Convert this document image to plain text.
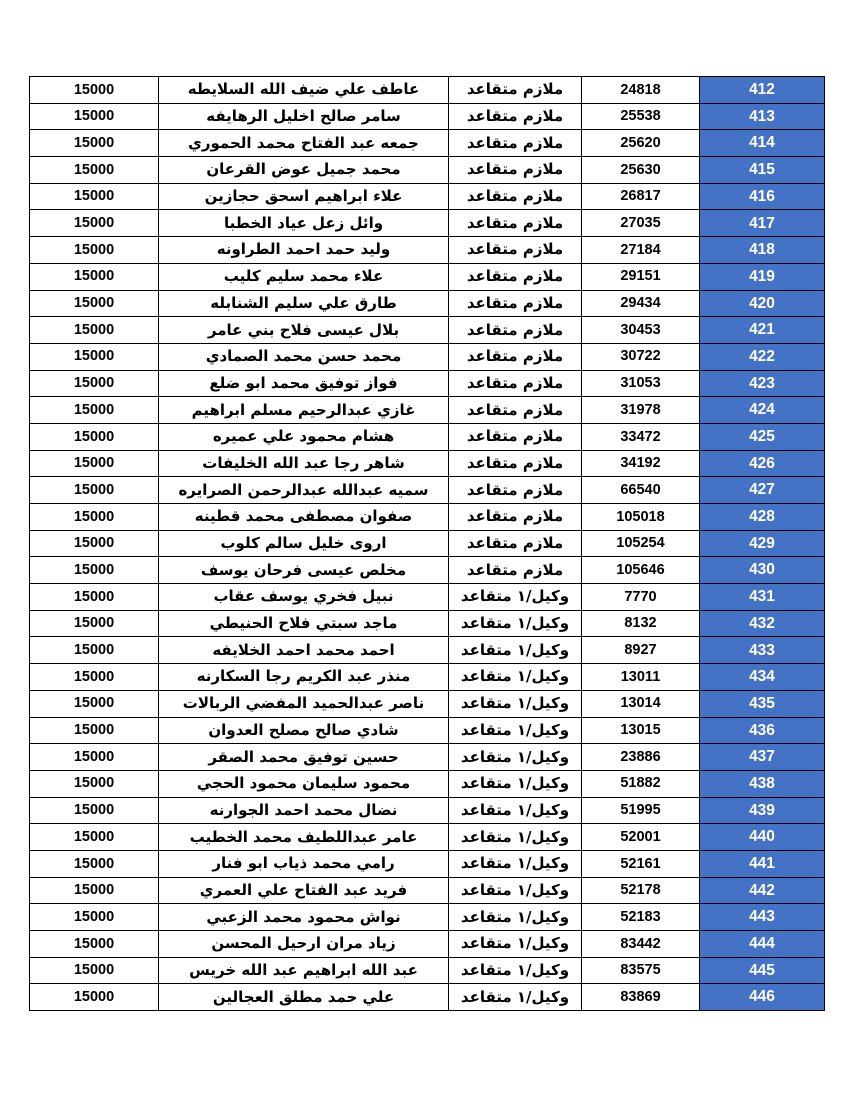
15000	عاطف علي ضيف الله السلايطه	ملازم متقاعد	24818	412
15000	سامر صالح اخليل الرهايفه	ملازم متقاعد	25538	413
15000	جمعه عبد الفتاح محمد الحموري	ملازم متقاعد	25620	414
15000	محمد جميل عوض القرعان	ملازم متقاعد	25630	415
15000	علاء ابراهيم اسحق حجازين	ملازم متقاعد	26817	416
15000	وائل زعل عياد الخطبا	ملازم متقاعد	27035	417
15000	وليد حمد احمد الطراونه	ملازم متقاعد	27184	418
15000	علاء محمد سليم كليب	ملازم متقاعد	29151	419
15000	طارق علي سليم الشنابله	ملازم متقاعد	29434	420
15000	بلال عيسى فلاح بني عامر	ملازم متقاعد	30453	421
15000	محمد حسن محمد الصمادي	ملازم متقاعد	30722	422
15000	فواز توفيق محمد ابو ضلع	ملازم متقاعد	31053	423
15000	غازي عبدالرحيم مسلم ابراهيم	ملازم متقاعد	31978	424
15000	هشام محمود علي عميره	ملازم متقاعد	33472	425
15000	شاهر رجا عبد الله الخليفات	ملازم متقاعد	34192	426
15000	سميه عبدالله عبدالرحمن الصرايره	ملازم متقاعد	66540	427
15000	صفوان مصطفى محمد قطينه	ملازم متقاعد	105018	428
15000	اروى خليل سالم كلوب	ملازم متقاعد	105254	429
15000	مخلص عيسى فرحان يوسف	ملازم متقاعد	105646	430
15000	نبيل فخري يوسف عقاب	وكيل/١ متقاعد	7770	431
15000	ماجد سبتي فلاح الحنيطي	وكيل/١ متقاعد	8132	432
15000	احمد محمد احمد الخلايفه	وكيل/١ متقاعد	8927	433
15000	منذر عبد الكريم رجا السكارنه	وكيل/١ متقاعد	13011	434
15000	ناصر عبدالحميد المفضي الربالات	وكيل/١ متقاعد	13014	435
15000	شادي صالح مصلح العدوان	وكيل/١ متقاعد	13015	436
15000	حسين توفيق محمد الصقر	وكيل/١ متقاعد	23886	437
15000	محمود سليمان محمود الحجي	وكيل/١ متقاعد	51882	438
15000	نضال محمد احمد الجوارنه	وكيل/١ متقاعد	51995	439
15000	عامر عبداللطيف محمد الخطيب	وكيل/١ متقاعد	52001	440
15000	رامي محمد ذياب ابو فنار	وكيل/١ متقاعد	52161	441
15000	فريد عبد الفتاح علي العمري	وكيل/١ متقاعد	52178	442
15000	نواش محمود محمد الزعبي	وكيل/١ متقاعد	52183	443
15000	زياد مران ارحيل المحسن	وكيل/١ متقاعد	83442	444
15000	عبد الله ابراهيم عبد الله خريس	وكيل/١ متقاعد	83575	445
15000	علي حمد مطلق العجالين	وكيل/١ متقاعد	83869	446
